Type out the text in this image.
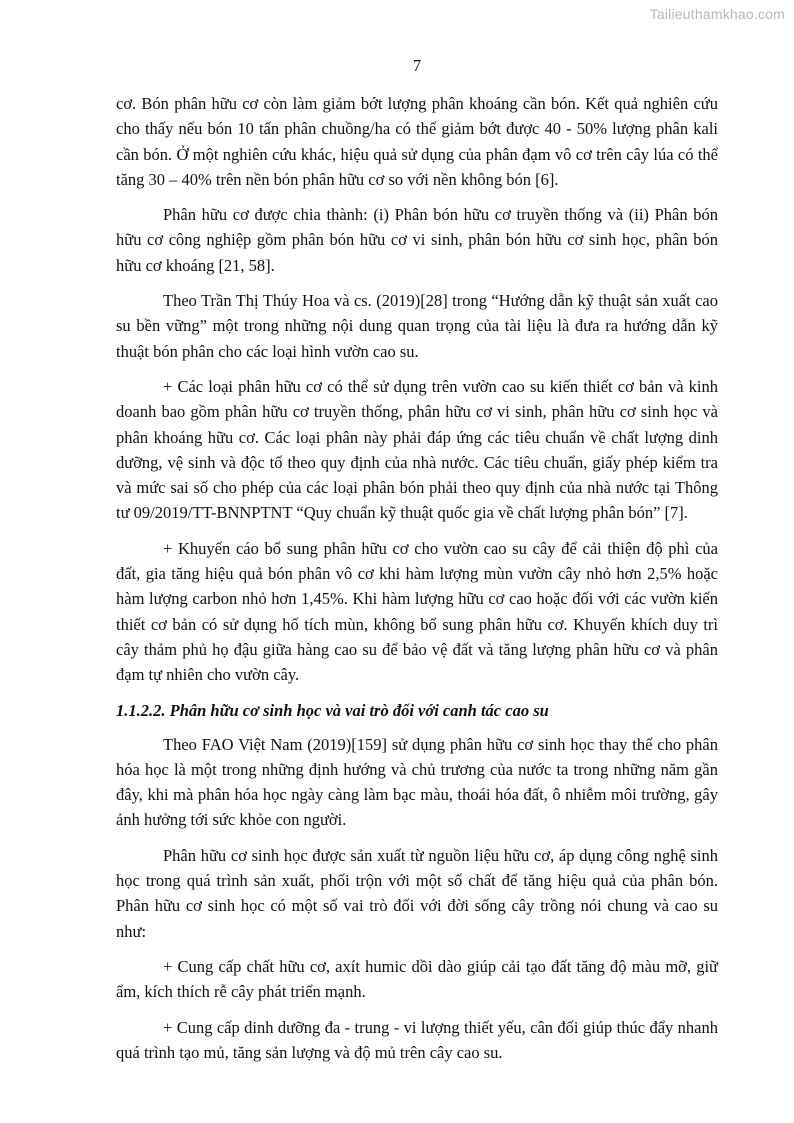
Tailieuthamkhao.com
7

cơ. Bón phân hữu cơ còn làm giảm bớt lượng phân khoáng cần bón. Kết quả nghiên cứu cho thấy nếu bón 10 tấn phân chuồng/ha có thể giảm bớt được 40 - 50% lượng phân kali cần bón. Ở một nghiên cứu khác, hiệu quả sử dụng của phân đạm vô cơ trên cây lúa có thể tăng 30 – 40% trên nền bón phân hữu cơ so với nền không bón [6].

Phân hữu cơ được chia thành: (i) Phân bón hữu cơ truyền thống và (ii) Phân bón hữu cơ công nghiệp gồm phân bón hữu cơ vi sinh, phân bón hữu cơ sinh học, phân bón hữu cơ khoáng [21, 58].

Theo Trần Thị Thúy Hoa và cs. (2019)[28] trong “Hướng dẫn kỹ thuật sản xuất cao su bền vững” một trong những nội dung quan trọng của tài liệu là đưa ra hướng dẫn kỹ thuật bón phân cho các loại hình vườn cao su.

+ Các loại phân hữu cơ có thể sử dụng trên vườn cao su kiến thiết cơ bản và kinh doanh bao gồm phân hữu cơ truyền thống, phân hữu cơ vi sinh, phân hữu cơ sinh học và phân khoáng hữu cơ. Các loại phân này phải đáp ứng các tiêu chuẩn về chất lượng dinh dưỡng, vệ sinh và độc tố theo quy định của nhà nước. Các tiêu chuẩn, giấy phép kiểm tra và mức sai số cho phép của các loại phân bón phải theo quy định của nhà nước tại Thông tư 09/2019/TT-BNNPTNT “Quy chuẩn kỹ thuật quốc gia về chất lượng phân bón” [7].

+ Khuyến cáo bổ sung phân hữu cơ cho vườn cao su cây để cải thiện độ phì của đất, gia tăng hiệu quả bón phân vô cơ khi hàm lượng mùn vườn cây nhỏ hơn 2,5% hoặc hàm lượng carbon nhỏ hơn 1,45%. Khi hàm lượng hữu cơ cao hoặc đối với các vườn kiến thiết cơ bản có sử dụng hố tích mùn, không bổ sung phân hữu cơ. Khuyến khích duy trì cây thảm phủ họ đậu giữa hàng cao su để bảo vệ đất và tăng lượng phân hữu cơ và phân đạm tự nhiên cho vườn cây.

1.1.2.2. Phân hữu cơ sinh học và vai trò đối với canh tác cao su

Theo FAO Việt Nam (2019)[159] sử dụng phân hữu cơ sinh học thay thế cho phân hóa học là một trong những định hướng và chủ trương của nước ta trong những năm gần đây, khi mà phân hóa học ngày càng làm bạc màu, thoái hóa đất, ô nhiễm môi trường, gây ảnh hưởng tới sức khỏe con người.

Phân hữu cơ sinh học được sản xuất từ nguồn liệu hữu cơ, áp dụng công nghệ sinh học trong quá trình sản xuất, phối trộn với một số chất để tăng hiệu quả của phân bón. Phân hữu cơ sinh học có một số vai trò đối với đời sống cây trồng nói chung và cao su như:

+ Cung cấp chất hữu cơ, axít humic dồi dào giúp cải tạo đất tăng độ màu mỡ, giữ ẩm, kích thích rễ cây phát triển mạnh.

+ Cung cấp dinh dưỡng đa - trung - vi lượng thiết yếu, cân đối giúp thúc đẩy nhanh quá trình tạo mủ, tăng sản lượng và độ mủ trên cây cao su.
